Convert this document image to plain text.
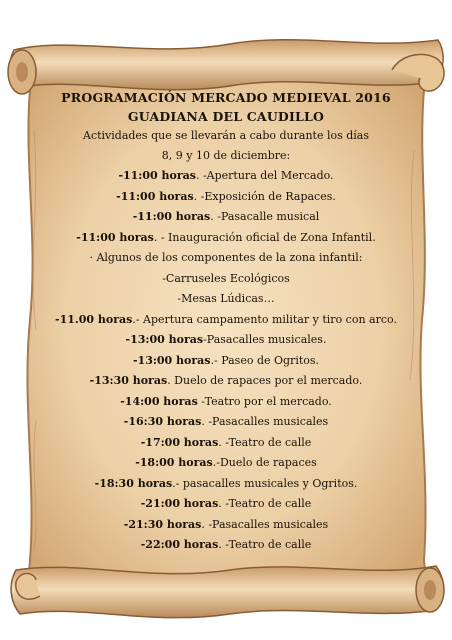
PROGRAMACIÓN MERCADO MEDIEVAL 2016

GUADIANA DEL CAUDILLO

Actividades que se llevarán a cabo durante los días

8, 9 y 10 de diciembre:

-11:00 horas. -Apertura del Mercado.

-11:00 horas. -Exposición de Rapaces.

-11:00 horas. -Pasacalle musical

-11:00 horas. - Inauguración oficial de Zona Infantil.

· Algunos de los componentes de la zona infantil:

-Carruseles Ecológicos

-Mesas Lúdicas…

-11.00 horas.- Apertura campamento militar y tiro con arco.

-13:00 horas-Pasacalles musicales.

-13:00 horas.- Paseo de Ogritos.

-13:30 horas. Duelo de rapaces por el mercado.

-14:00 horas -Teatro por el mercado.

-16:30 horas. -Pasacalles musicales

-17:00 horas. -Teatro de calle

-18:00 horas.-Duelo de rapaces

-18:30 horas.- pasacalles musicales y Ogritos.

-21:00 horas. -Teatro de calle

-21:30 horas. -Pasacalles musicales

-22:00 horas. -Teatro de calle
